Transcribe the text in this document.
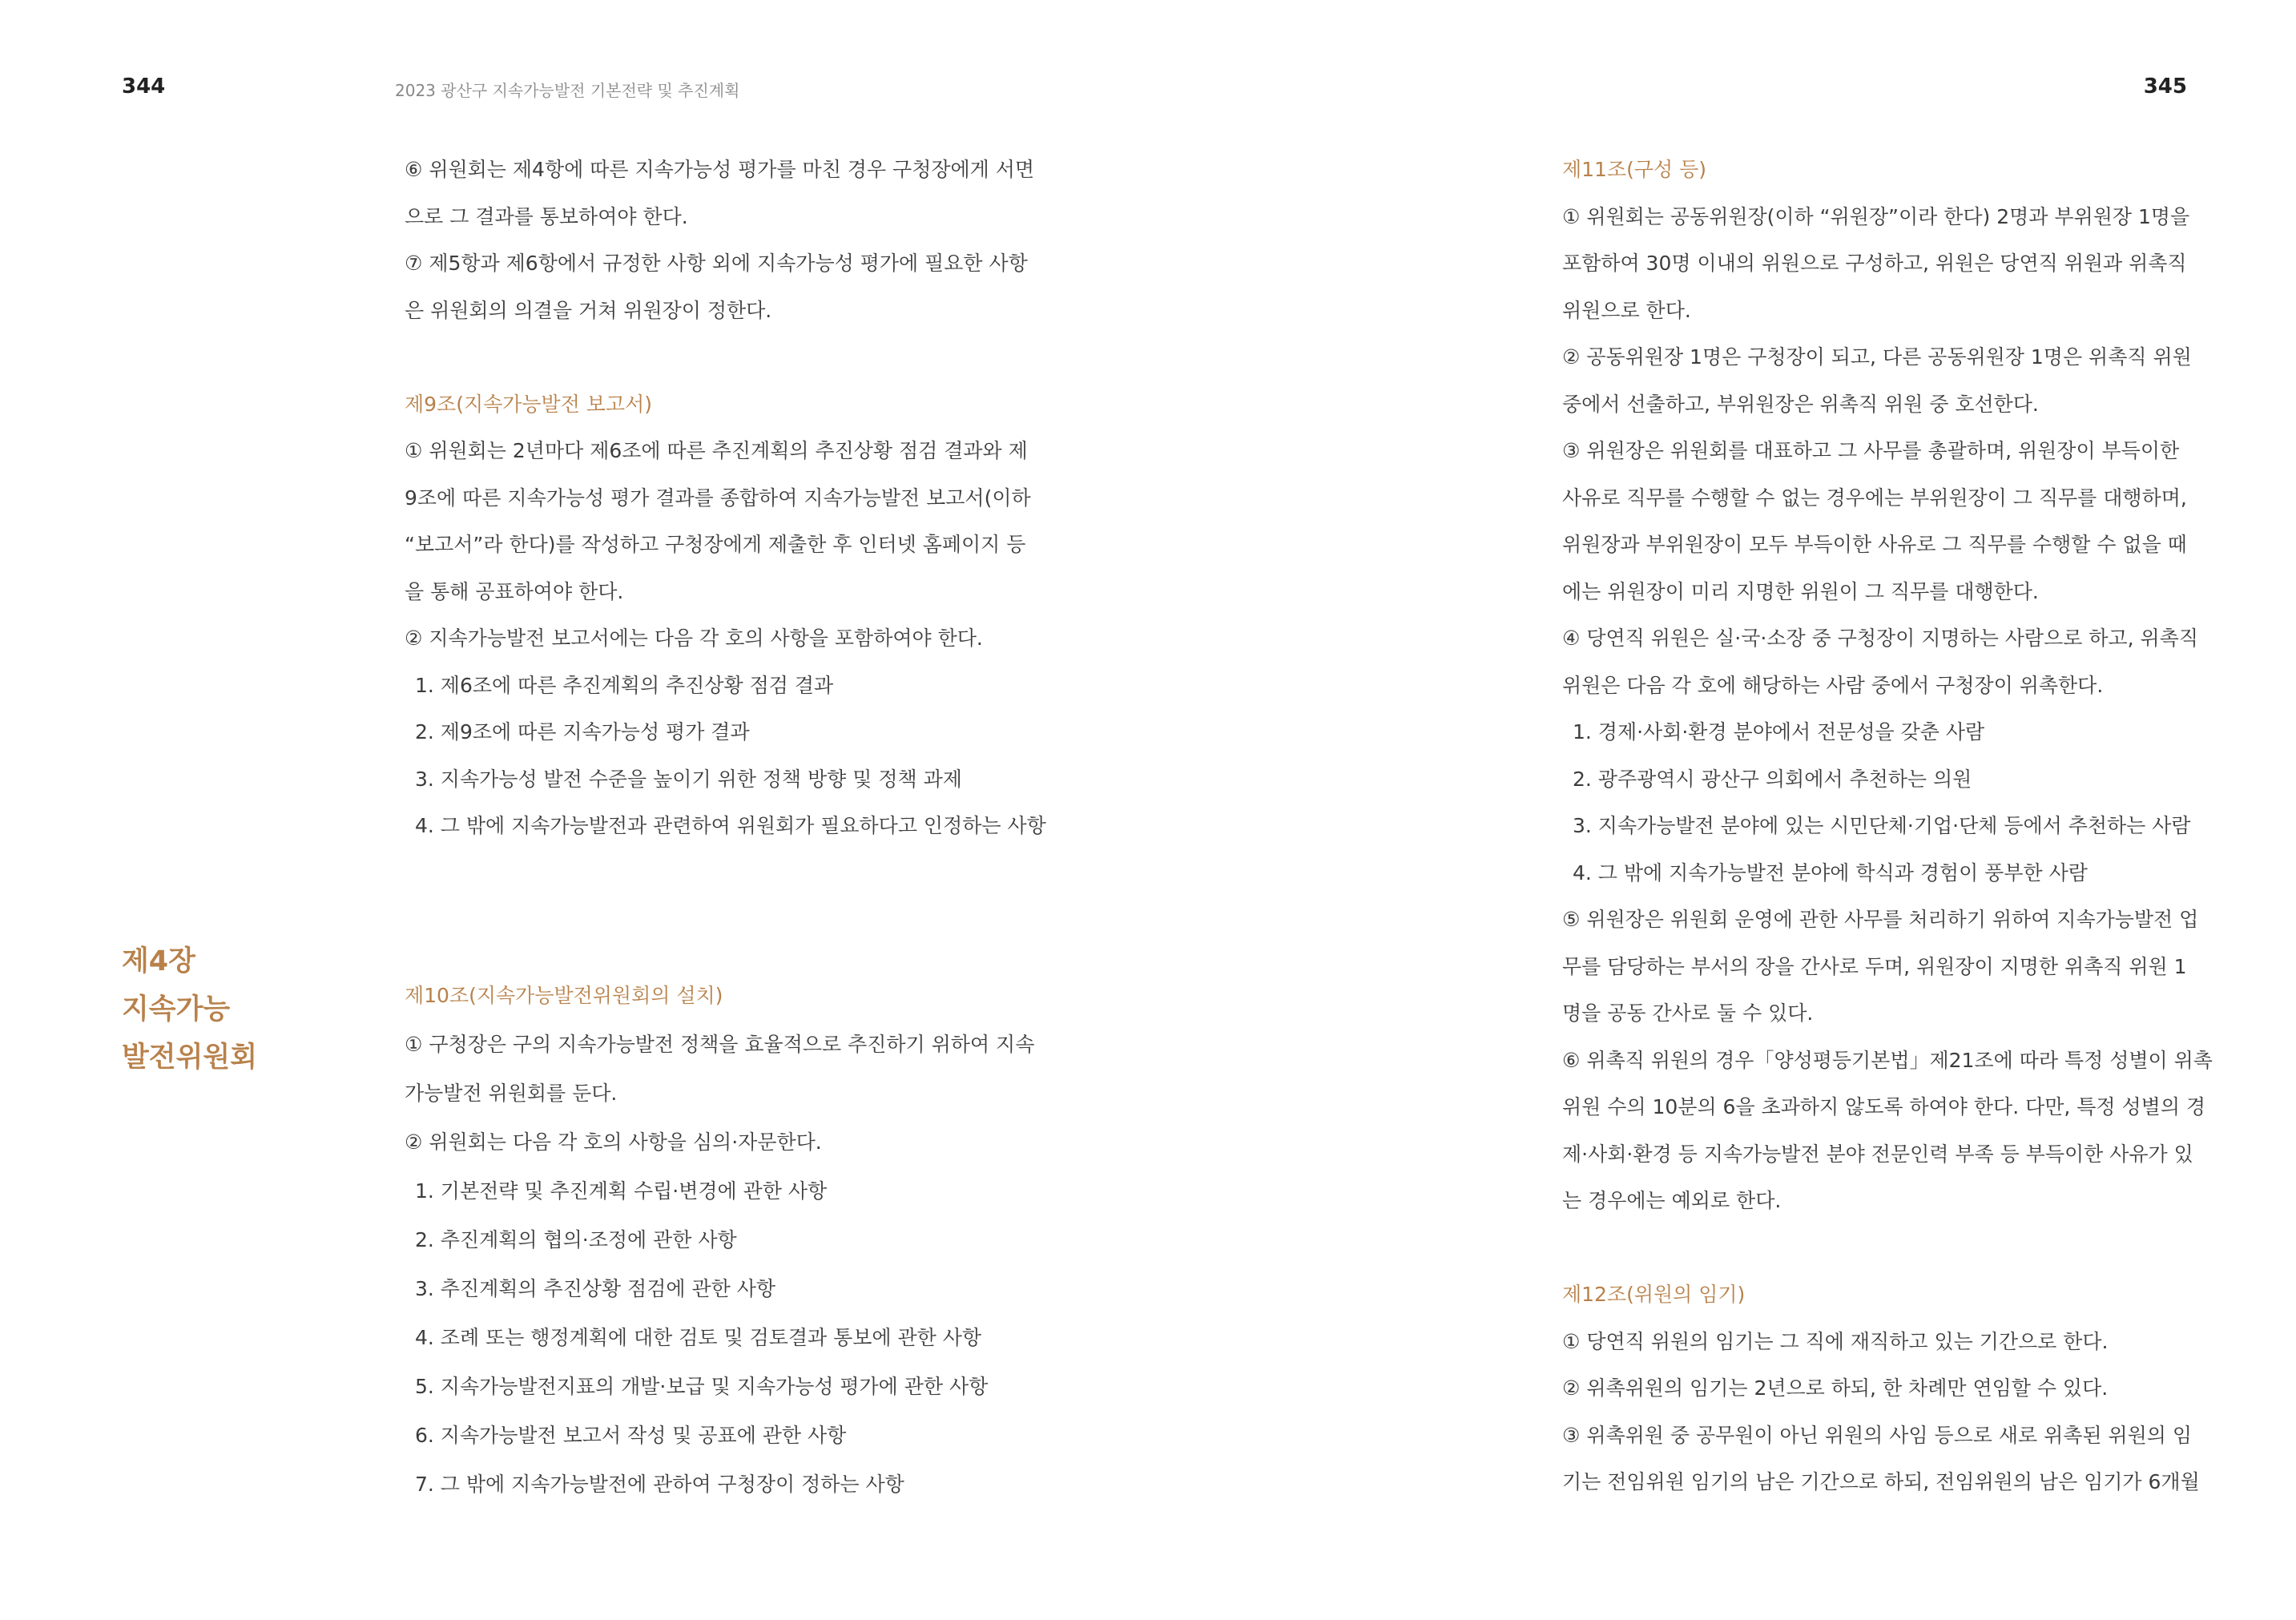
344	2023 광산구 지속가능발전 기본전략 및 추진계획	345
제4장
지속가능
발전위원회
⑥ 위원회는 제4항에 따른 지속가능성 평가를 마친 경우 구청장에게 서면
으로 그 결과를 통보하여야 한다.
⑦ 제5항과 제6항에서 규정한 사항 외에 지속가능성 평가에 필요한 사항
은 위원회의 의결을 거쳐 위원장이 정한다.
제9조(지속가능발전 보고서)
① 위원회는 2년마다 제6조에 따른 추진계획의 추진상황 점검 결과와 제
9조에 따른 지속가능성 평가 결과를 종합하여 지속가능발전 보고서(이하
“보고서”라 한다)를 작성하고 구청장에게 제출한 후 인터넷 홈페이지 등
을 통해 공표하여야 한다.
② 지속가능발전 보고서에는 다음 각 호의 사항을 포함하여야 한다.
1. 제6조에 따른 추진계획의 추진상황 점검 결과
2. 제9조에 따른 지속가능성 평가 결과
3. 지속가능성 발전 수준을 높이기 위한 정책 방향 및 정책 과제
4. 그 밖에 지속가능발전과 관련하여 위원회가 필요하다고 인정하는 사항
제10조(지속가능발전위원회의 설치)
① 구청장은 구의 지속가능발전 정책을 효율적으로 추진하기 위하여 지속
가능발전 위원회를 둔다.
② 위원회는 다음 각 호의 사항을 심의·자문한다.
1. 기본전략 및 추진계획 수립·변경에 관한 사항
2. 추진계획의 협의·조정에 관한 사항
3. 추진계획의 추진상황 점검에 관한 사항
4. 조례 또는 행정계획에 대한 검토 및 검토결과 통보에 관한 사항
5. 지속가능발전지표의 개발·보급 및 지속가능성 평가에 관한 사항
6. 지속가능발전 보고서 작성 및 공표에 관한 사항
7. 그 밖에 지속가능발전에 관하여 구청장이 정하는 사항
제11조(구성 등)
① 위원회는 공동위원장(이하 “위원장”이라 한다) 2명과 부위원장 1명을
포함하여 30명 이내의 위원으로 구성하고, 위원은 당연직 위원과 위촉직
위원으로 한다.
② 공동위원장 1명은 구청장이 되고, 다른 공동위원장 1명은 위촉직 위원
중에서 선출하고, 부위원장은 위촉직 위원 중 호선한다.
③ 위원장은 위원회를 대표하고 그 사무를 총괄하며, 위원장이 부득이한
사유로 직무를 수행할 수 없는 경우에는 부위원장이 그 직무를 대행하며,
위원장과 부위원장이 모두 부득이한 사유로 그 직무를 수행할 수 없을 때
에는 위원장이 미리 지명한 위원이 그 직무를 대행한다.
④ 당연직 위원은 실·국·소장 중 구청장이 지명하는 사람으로 하고, 위촉직
위원은 다음 각 호에 해당하는 사람 중에서 구청장이 위촉한다.
1. 경제·사회·환경 분야에서 전문성을 갖춘 사람
2. 광주광역시 광산구 의회에서 추천하는 의원
3. 지속가능발전 분야에 있는 시민단체·기업·단체 등에서 추천하는 사람
4. 그 밖에 지속가능발전 분야에 학식과 경험이 풍부한 사람
⑤ 위원장은 위원회 운영에 관한 사무를 처리하기 위하여 지속가능발전 업
무를 담당하는 부서의 장을 간사로 두며, 위원장이 지명한 위촉직 위원 1
명을 공동 간사로 둘 수 있다.
⑥ 위촉직 위원의 경우「양성평등기본법」제21조에 따라 특정 성별이 위촉
위원 수의 10분의 6을 초과하지 않도록 하여야 한다. 다만, 특정 성별의 경
제·사회·환경 등 지속가능발전 분야 전문인력 부족 등 부득이한 사유가 있
는 경우에는 예외로 한다.
제12조(위원의 임기)
① 당연직 위원의 임기는 그 직에 재직하고 있는 기간으로 한다.
② 위촉위원의 임기는 2년으로 하되, 한 차례만 연임할 수 있다.
③ 위촉위원 중 공무원이 아닌 위원의 사임 등으로 새로 위촉된 위원의 임
기는 전임위원 임기의 남은 기간으로 하되, 전임위원의 남은 임기가 6개월
